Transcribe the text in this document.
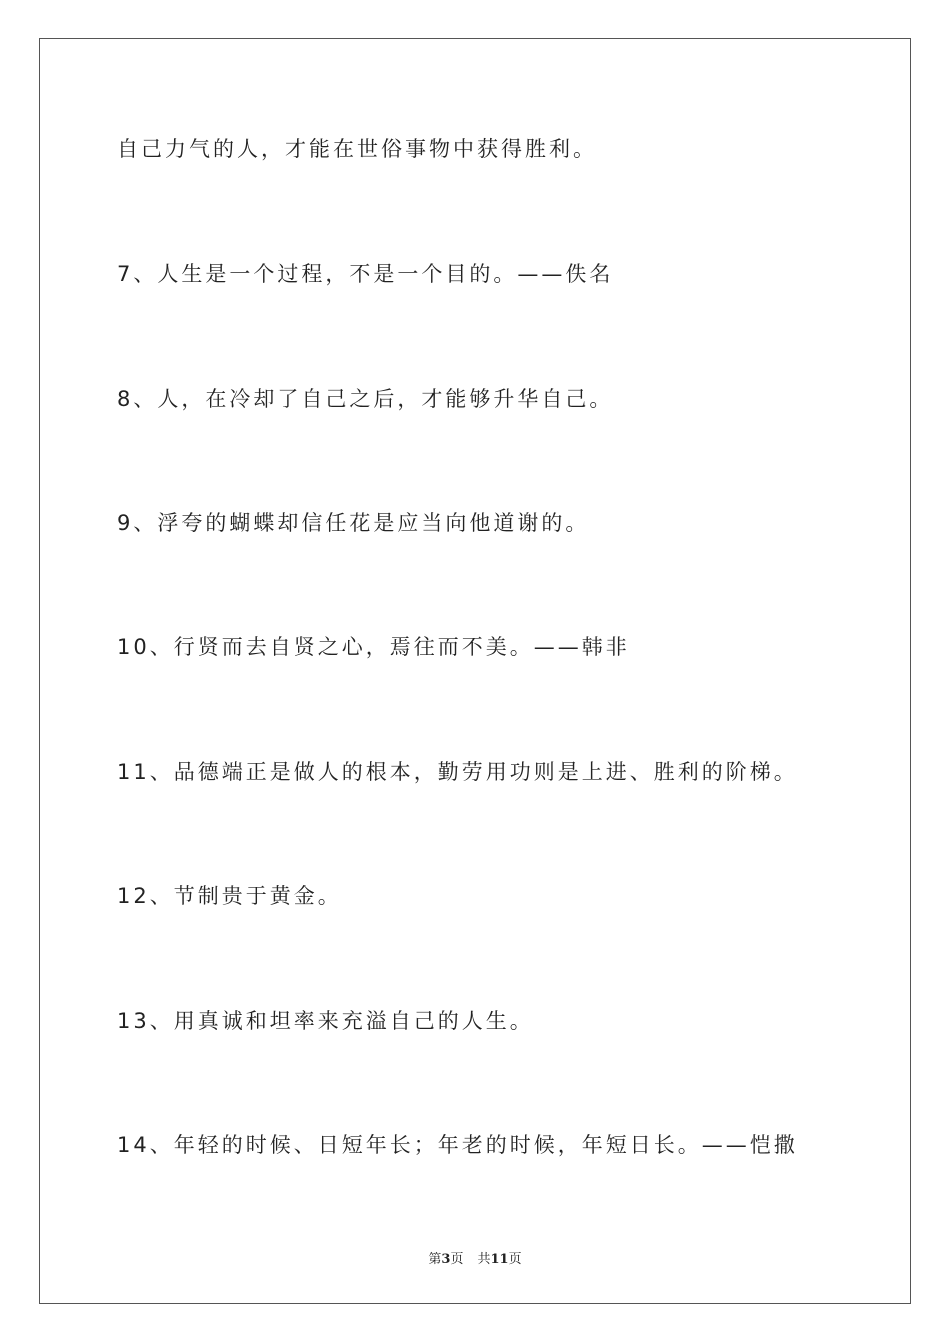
自己力气的人，才能在世俗事物中获得胜利。
7、人生是一个过程，不是一个目的。——佚名
8、人，在冷却了自己之后，才能够升华自己。
9、浮夸的蝴蝶却信任花是应当向他道谢的。
10、行贤而去自贤之心，焉往而不美。——韩非
11、品德端正是做人的根本，勤劳用功则是上进、胜利的阶梯。
12、节制贵于黄金。
13、用真诚和坦率来充溢自己的人生。
14、年轻的时候、日短年长；年老的时候，年短日长。——恺撒
第3页 共11页
